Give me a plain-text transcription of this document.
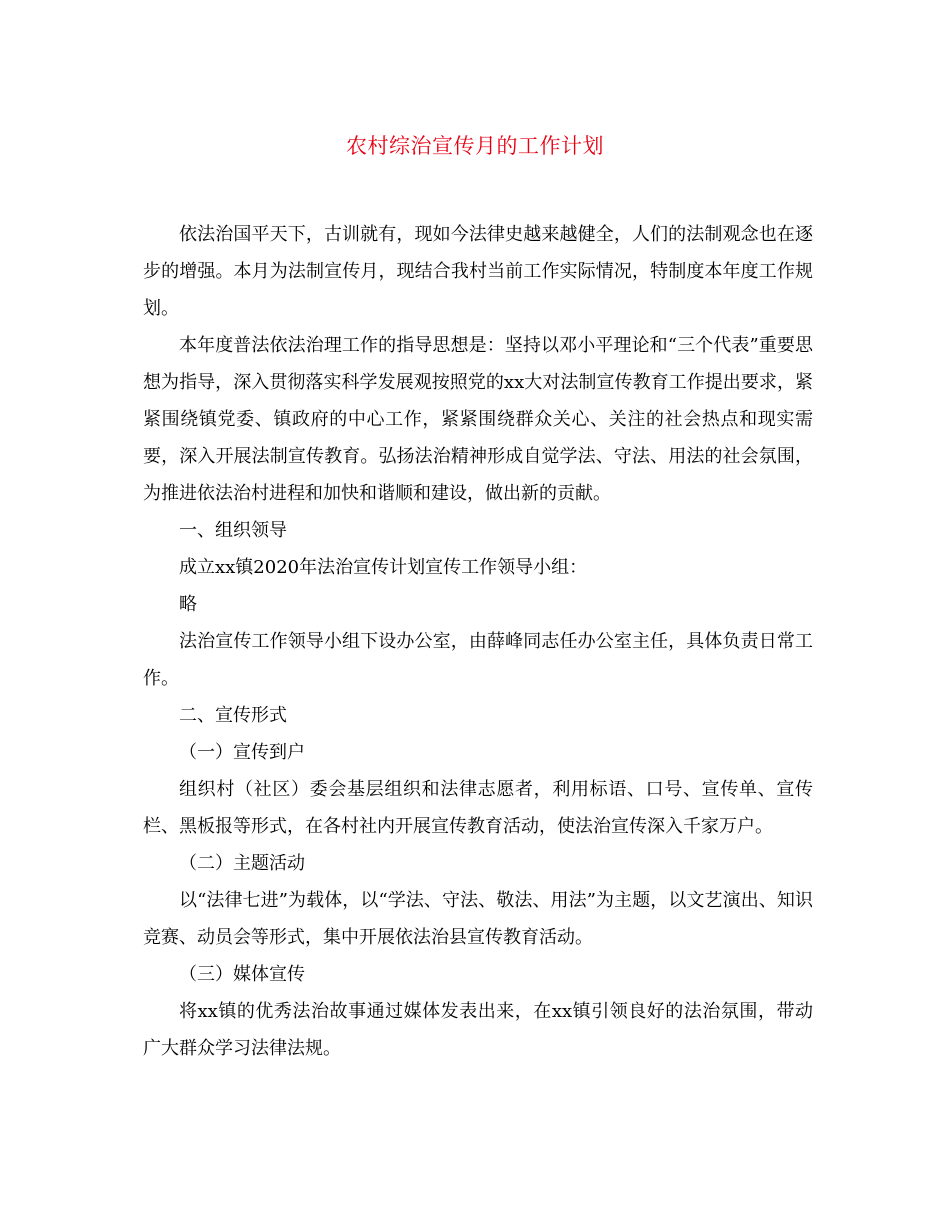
农村综治宣传月的工作计划

依法治国平天下，古训就有，现如今法律史越来越健全，人们的法制观念也在逐步的增强。本月为法制宣传月，现结合我村当前工作实际情况，特制度本年度工作规划。

本年度普法依法治理工作的指导思想是：坚持以邓小平理论和“三个代表”重要思想为指导，深入贯彻落实科学发展观按照党的xx大对法制宣传教育工作提出要求，紧紧围绕镇党委、镇政府的中心工作，紧紧围绕群众关心、关注的社会热点和现实需要，深入开展法制宣传教育。弘扬法治精神形成自觉学法、守法、用法的社会氛围，为推进依法治村进程和加快和谐顺和建设，做出新的贡献。

一、组织领导

成立xx镇2020年法治宣传计划宣传工作领导小组：

略

法治宣传工作领导小组下设办公室，由薛峰同志任办公室主任，具体负责日常工作。

二、宣传形式

（一）宣传到户

组织村（社区）委会基层组织和法律志愿者，利用标语、口号、宣传单、宣传栏、黑板报等形式，在各村社内开展宣传教育活动，使法治宣传深入千家万户。

（二）主题活动

以“法律七进”为载体，以“学法、守法、敬法、用法”为主题，以文艺演出、知识竞赛、动员会等形式，集中开展依法治县宣传教育活动。

（三）媒体宣传

将xx镇的优秀法治故事通过媒体发表出来，在xx镇引领良好的法治氛围，带动广大群众学习法律法规。
